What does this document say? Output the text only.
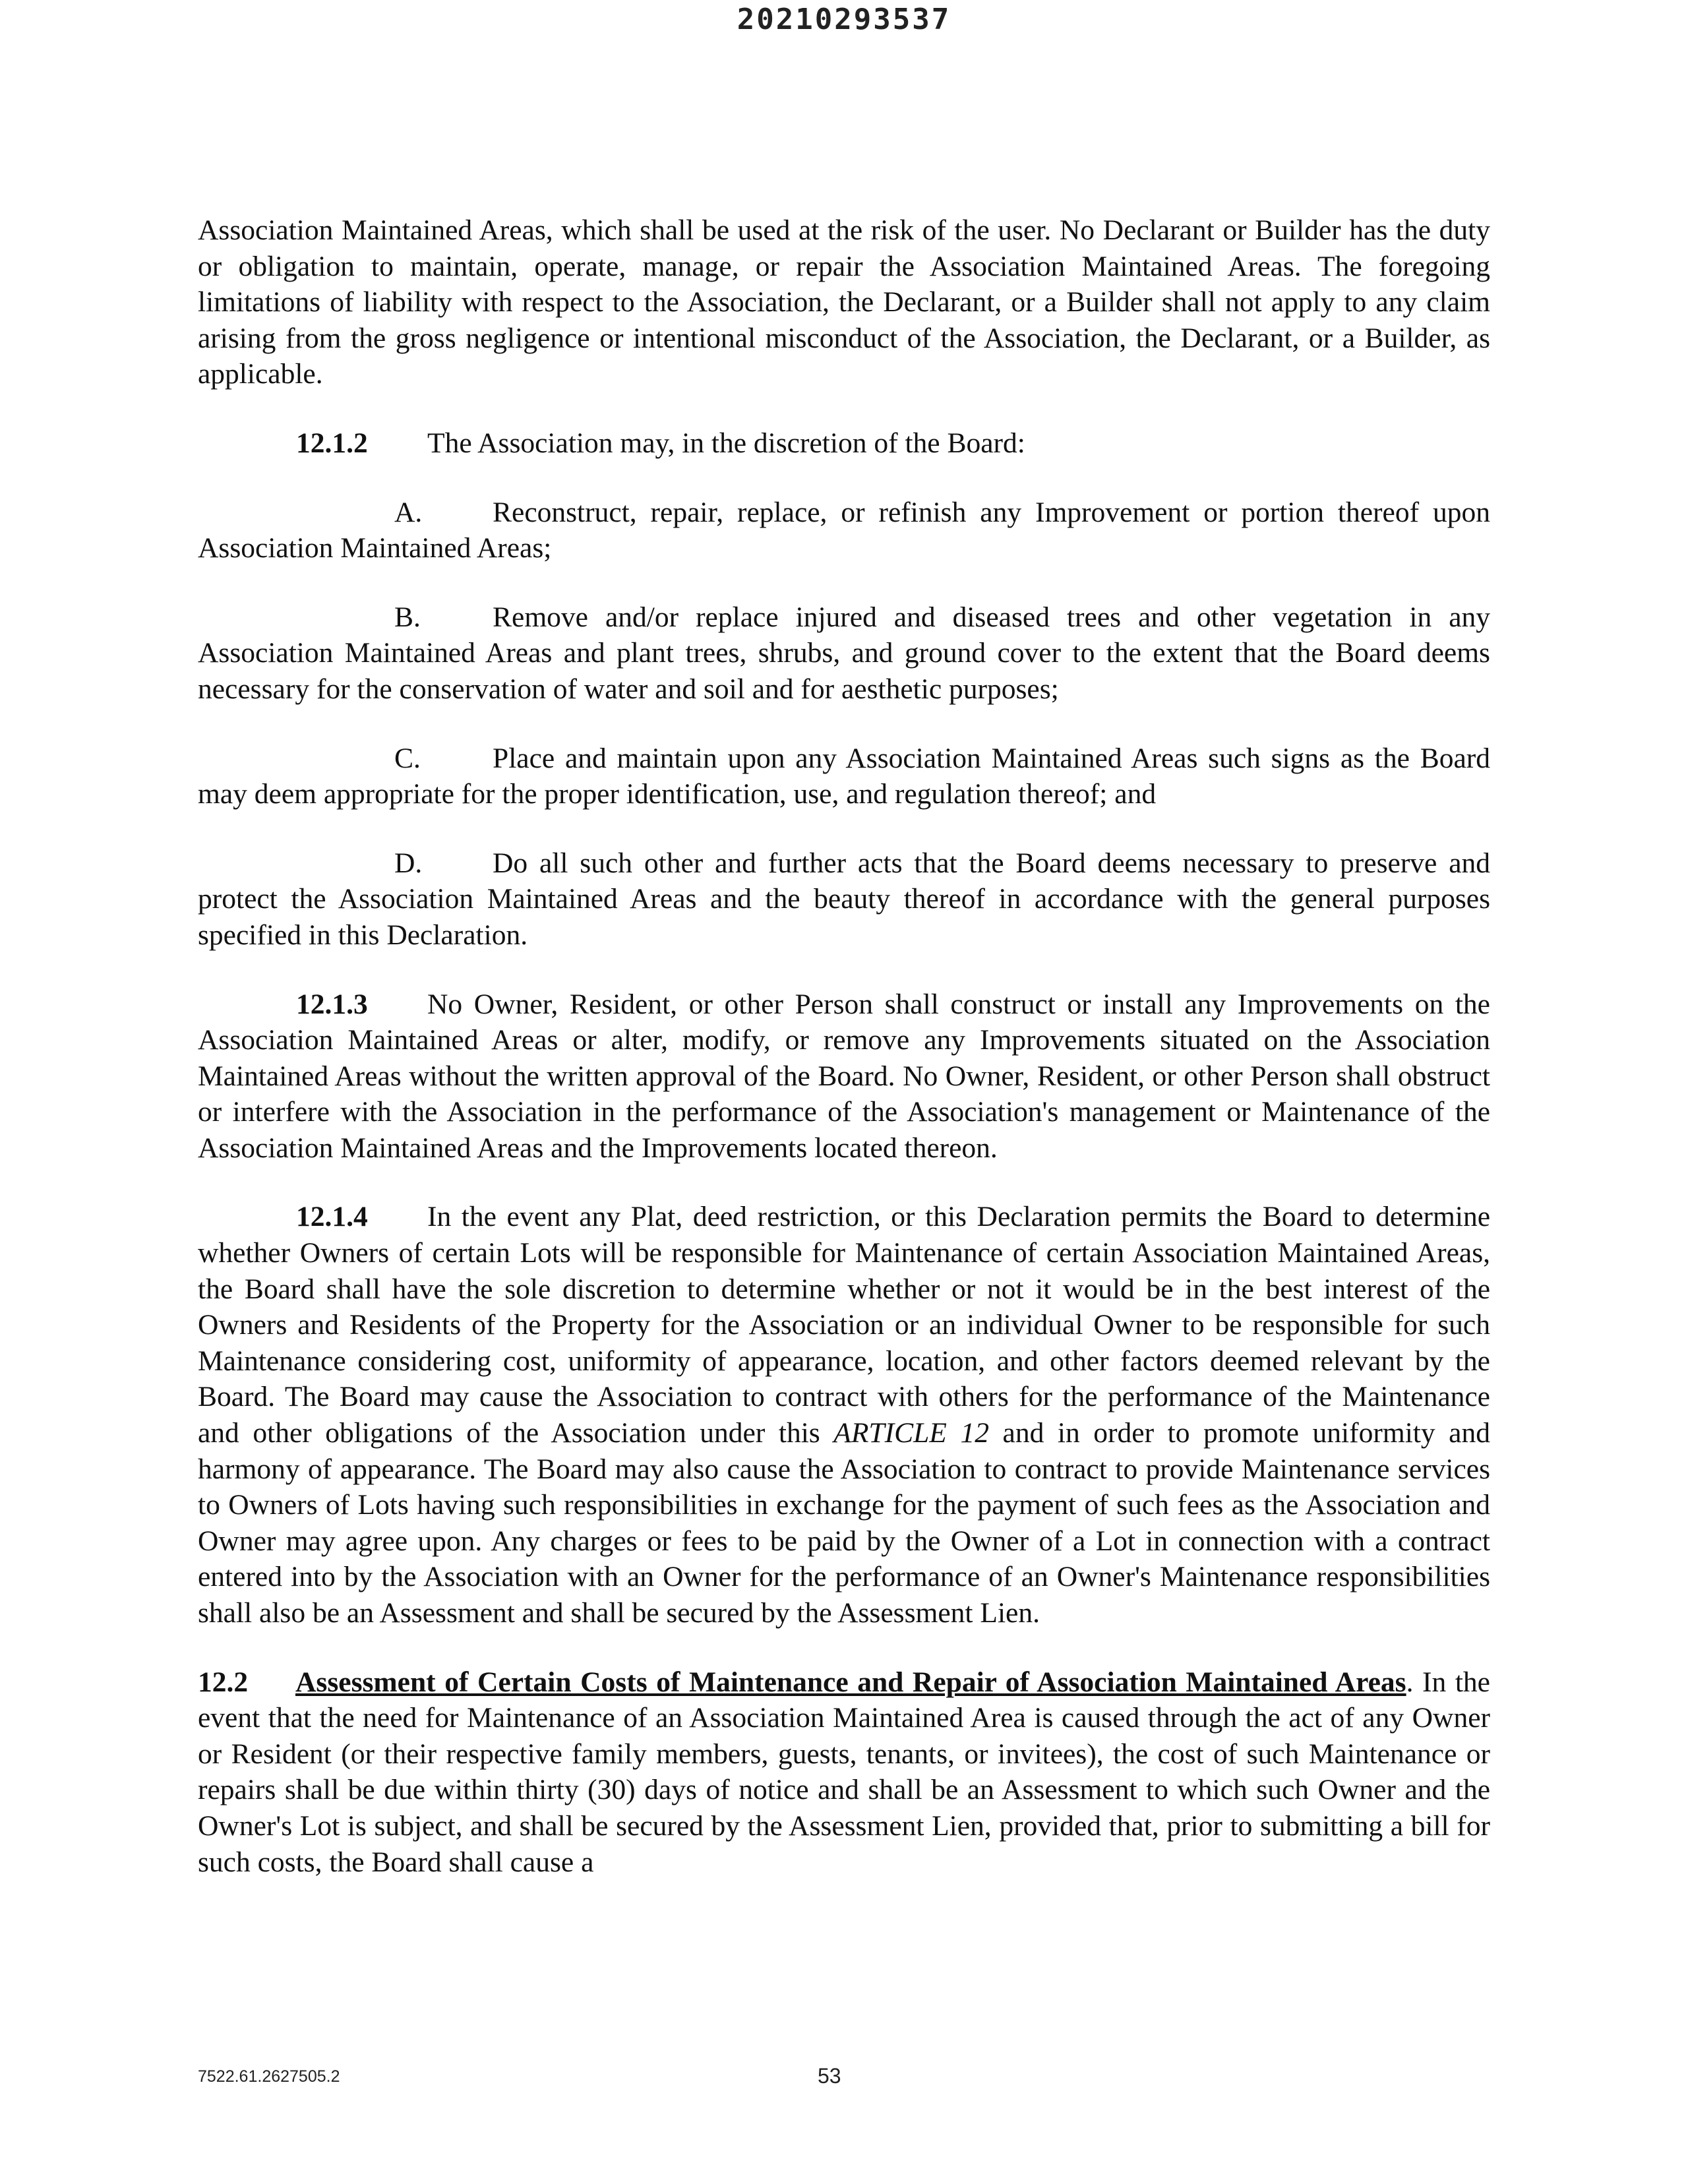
20210293537

Association Maintained Areas, which shall be used at the risk of the user. No Declarant or Builder has the duty or obligation to maintain, operate, manage, or repair the Association Maintained Areas. The foregoing limitations of liability with respect to the Association, the Declarant, or a Builder shall not apply to any claim arising from the gross negligence or intentional misconduct of the Association, the Declarant, or a Builder, as applicable.

12.1.2 The Association may, in the discretion of the Board:

A. Reconstruct, repair, replace, or refinish any Improvement or portion thereof upon Association Maintained Areas;

B.	Remove and/or replace injured and diseased trees and other vegetation in any Association Maintained Areas and plant trees, shrubs, and ground cover to the extent that the Board deems necessary for the conservation of water and soil and for aesthetic purposes;

C.	Place and maintain upon any Association Maintained Areas such signs as the Board may deem appropriate for the proper identification, use, and regulation thereof; and

D. Do all such other and further acts that the Board deems necessary to preserve and protect the Association Maintained Areas and the beauty thereof in accordance with the general purposes specified in this Declaration.

12.1.3 No Owner, Resident, or other Person shall construct or install any Improvements on the Association Maintained Areas or alter, modify, or remove any Improvements situated on the Association Maintained Areas without the written approval of the Board. No Owner, Resident, or other Person shall obstruct or interfere with the Association in the performance of the Association's management or Maintenance of the Association Maintained Areas and the Improvements located thereon.

12.1.4 In the event any Plat, deed restriction, or this Declaration permits the Board to determine whether Owners of certain Lots will be responsible for Maintenance of certain Association Maintained Areas, the Board shall have the sole discretion to determine whether or not it would be in the best interest of the Owners and Residents of the Property for the Association or an individual Owner to be responsible for such Maintenance considering cost, uniformity of appearance, location, and other factors deemed relevant by the Board. The Board may cause the Association to contract with others for the performance of the Maintenance and other obligations of the Association under this ARTICLE 12 and in order to promote uniformity and harmony of appearance. The Board may also cause the Association to contract to provide Maintenance services to Owners of Lots having such responsibilities in exchange for the payment of such fees as the Association and Owner may agree upon. Any charges or fees to be paid by the Owner of a Lot in connection with a contract entered into by the Association with an Owner for the performance of an Owner's Maintenance responsibilities shall also be an Assessment and shall be secured by the Assessment Lien.

12.2 Assessment of Certain Costs of Maintenance and Repair of Association Maintained Areas. In the event that the need for Maintenance of an Association Maintained Area is caused through the act of any Owner or Resident (or their respective family members, guests, tenants, or invitees), the cost of such Maintenance or repairs shall be due within thirty (30) days of notice and shall be an Assessment to which such Owner and the Owner's Lot is subject, and shall be secured by the Assessment Lien, provided that, prior to submitting a bill for such costs, the Board shall cause a

7522.61.2627505.2	53
